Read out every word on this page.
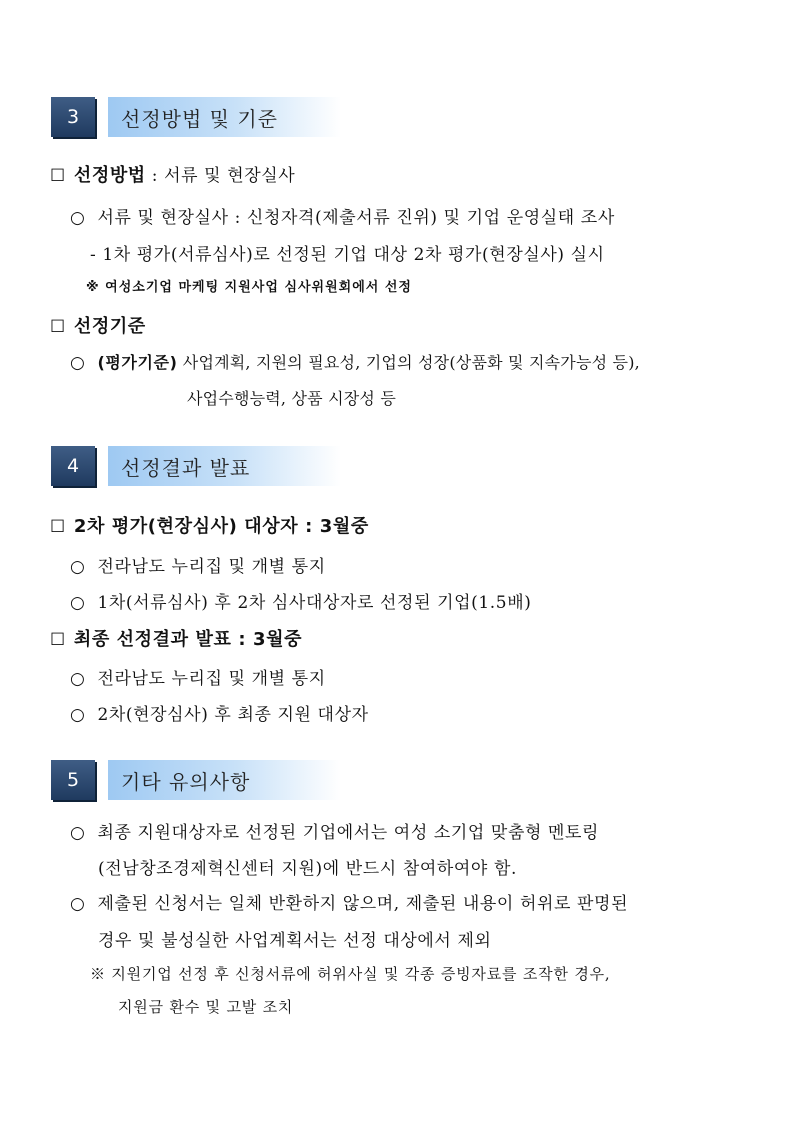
3	선정방법 및 기준
☐ 선정방법 : 서류 및 현장실사
○ 서류 및 현장실사 : 신청자격(제출서류 진위) 및 기업 운영실태 조사
- 1차 평가(서류심사)로 선정된 기업 대상 2차 평가(현장실사) 실시
※ 여성소기업 마케팅 지원사업 심사위원회에서 선정
☐ 선정기준
○ (평가기준) 사업계획, 지원의 필요성, 기업의 성장(상품화 및 지속가능성 등),
사업수행능력, 상품 시장성 등
4	선정결과 발표
☐ 2차 평가(현장심사) 대상자 : 3월중
○ 전라남도 누리집 및 개별 통지
○ 1차(서류심사) 후 2차 심사대상자로 선정된 기업(1.5배)
☐ 최종 선정결과 발표 : 3월중
○ 전라남도 누리집 및 개별 통지
○ 2차(현장심사) 후 최종 지원 대상자
5	기타 유의사항
○ 최종 지원대상자로 선정된 기업에서는 여성 소기업 맞춤형 멘토링
(전남창조경제혁신센터 지원)에 반드시 참여하여야 함.
○ 제출된 신청서는 일체 반환하지 않으며, 제출된 내용이 허위로 판명된
경우 및 불성실한 사업계획서는 선정 대상에서 제외
※ 지원기업 선정 후 신청서류에 허위사실 및 각종 증빙자료를 조작한 경우,
지원금 환수 및 고발 조치
